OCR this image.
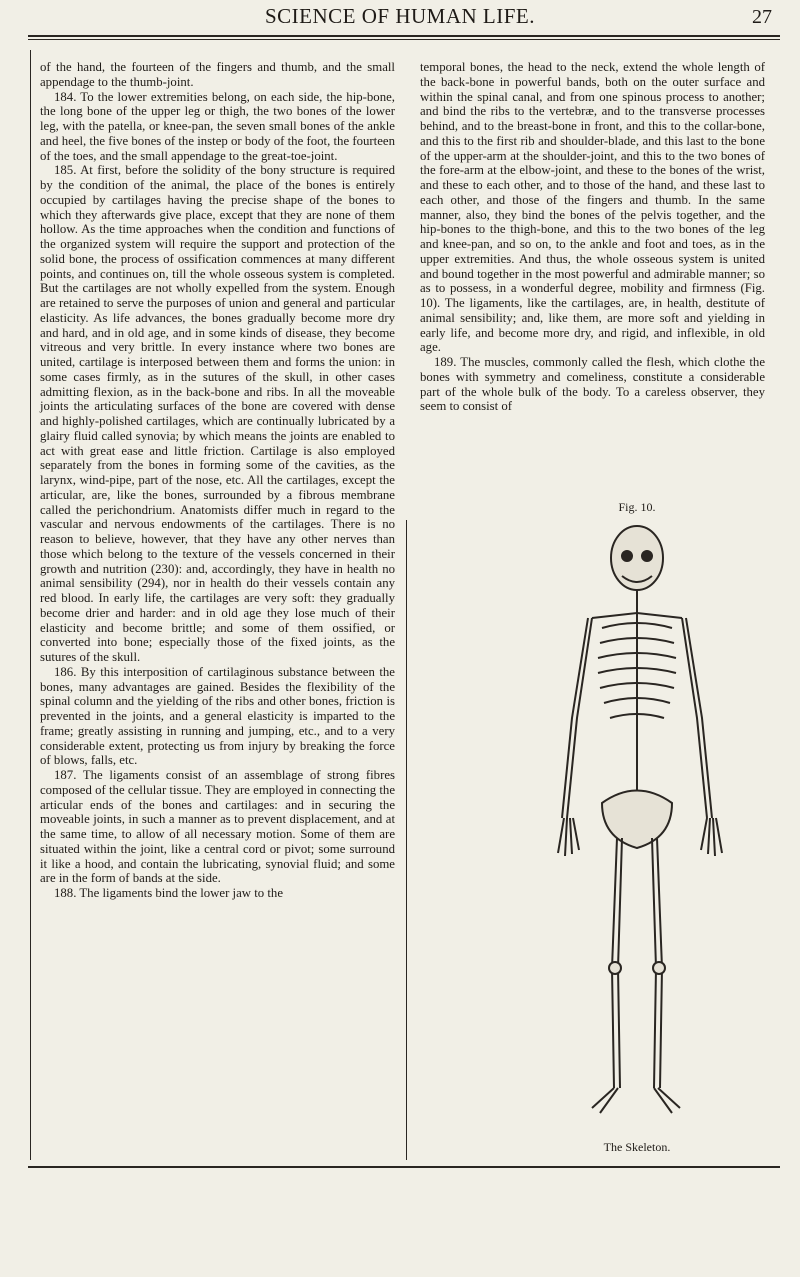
SCIENCE OF HUMAN LIFE.	27

of the hand, the fourteen of the fingers and thumb, and the small appendage to the thumb-joint.

184. To the lower extremities belong, on each side, the hip-bone, the long bone of the upper leg or thigh, the two bones of the lower leg, with the patella, or knee-pan, the seven small bones of the ankle and heel, the five bones of the instep or body of the foot, the fourteen of the toes, and the small appendage to the great-toe-joint.

185. At first, before the solidity of the bony structure is required by the condition of the animal, the place of the bones is entirely occupied by cartilages having the precise shape of the bones to which they afterwards give place, except that they are none of them hollow. As the time approaches when the condition and functions of the organized system will require the support and protection of the solid bone, the process of ossification commences at many different points, and continues on, till the whole osseous system is completed. But the cartilages are not wholly expelled from the system. Enough are retained to serve the purposes of union and general and particular elasticity. As life advances, the bones gradually become more dry and hard, and in old age, and in some kinds of disease, they become vitreous and very brittle. In every instance where two bones are united, cartilage is interposed between them and forms the union: in some cases firmly, as in the sutures of the skull, in other cases admitting flexion, as in the back-bone and ribs. In all the moveable joints the articulating surfaces of the bone are covered with dense and highly-polished cartilages, which are continually lubricated by a glairy fluid called synovia; by which means the joints are enabled to act with great ease and little friction. Cartilage is also employed separately from the bones in forming some of the cavities, as the larynx, wind-pipe, part of the nose, etc. All the cartilages, except the articular, are, like the bones, surrounded by a fibrous membrane called the perichondrium. Anatomists differ much in regard to the vascular and nervous endowments of the cartilages. There is no reason to believe, however, that they have any other nerves than those which belong to the texture of the vessels concerned in their growth and nutrition (230): and, accordingly, they have in health no animal sensibility (294), nor in health do their vessels contain any red blood. In early life, the cartilages are very soft: they gradually become drier and harder: and in old age they lose much of their elasticity and become brittle; and some of them ossified, or converted into bone; especially those of the fixed joints, as the sutures of the skull.

186. By this interposition of cartilaginous substance between the bones, many advantages are gained. Besides the flexibility of the spinal column and the yielding of the ribs and other bones, friction is prevented in the joints, and a general elasticity is imparted to the frame; greatly assisting in running and jumping, etc., and to a very considerable extent, protecting us from injury by breaking the force of blows, falls, etc.

187. The ligaments consist of an assemblage of strong fibres composed of the cellular tissue. They are employed in connecting the articular ends of the bones and cartilages: and in securing the moveable joints, in such a manner as to prevent displacement, and at the same time, to allow of all necessary motion. Some of them are situated within the joint, like a central cord or pivot; some surround it like a hood, and contain the lubricating, synovial fluid; and some are in the form of bands at the side.

188. The ligaments bind the lower jaw to the

temporal bones, the head to the neck, extend the whole length of the back-bone in powerful bands, both on the outer surface and within the spinal canal, and from one spinous process to another; and bind the ribs to the vertebræ, and to the transverse processes behind, and to the breast-bone in front, and this to the collar-bone, and this to the first rib and shoulder-blade, and this last to the bone of the upper-arm at the shoulder-joint, and this to the two bones of the fore-arm at the elbow-joint, and these to the bones of the wrist, and these to each other, and to those of the hand, and these last to each other, and those of the fingers and thumb. In the same manner, also, they bind the bones of the pelvis together, and the hip-bones to the thigh-bone, and this to the two bones of the leg and knee-pan, and so on, to the ankle and foot and toes, as in the upper extremities. And thus, the whole osseous system is united and bound together in the most powerful and admirable manner; so as to possess, in a wonderful degree, mobility and firmness (Fig. 10). The ligaments, like the cartilages, are, in health, destitute of animal sensibility; and, like them, are more soft and yielding in early life, and become more dry, and rigid, and inflexible, in old age.

189. The muscles, commonly called the flesh, which clothe the bones with symmetry and comeliness, constitute a considerable part of the whole bulk of the body. To a careless observer, they seem to consist of

Fig. 10.
The Skeleton.
